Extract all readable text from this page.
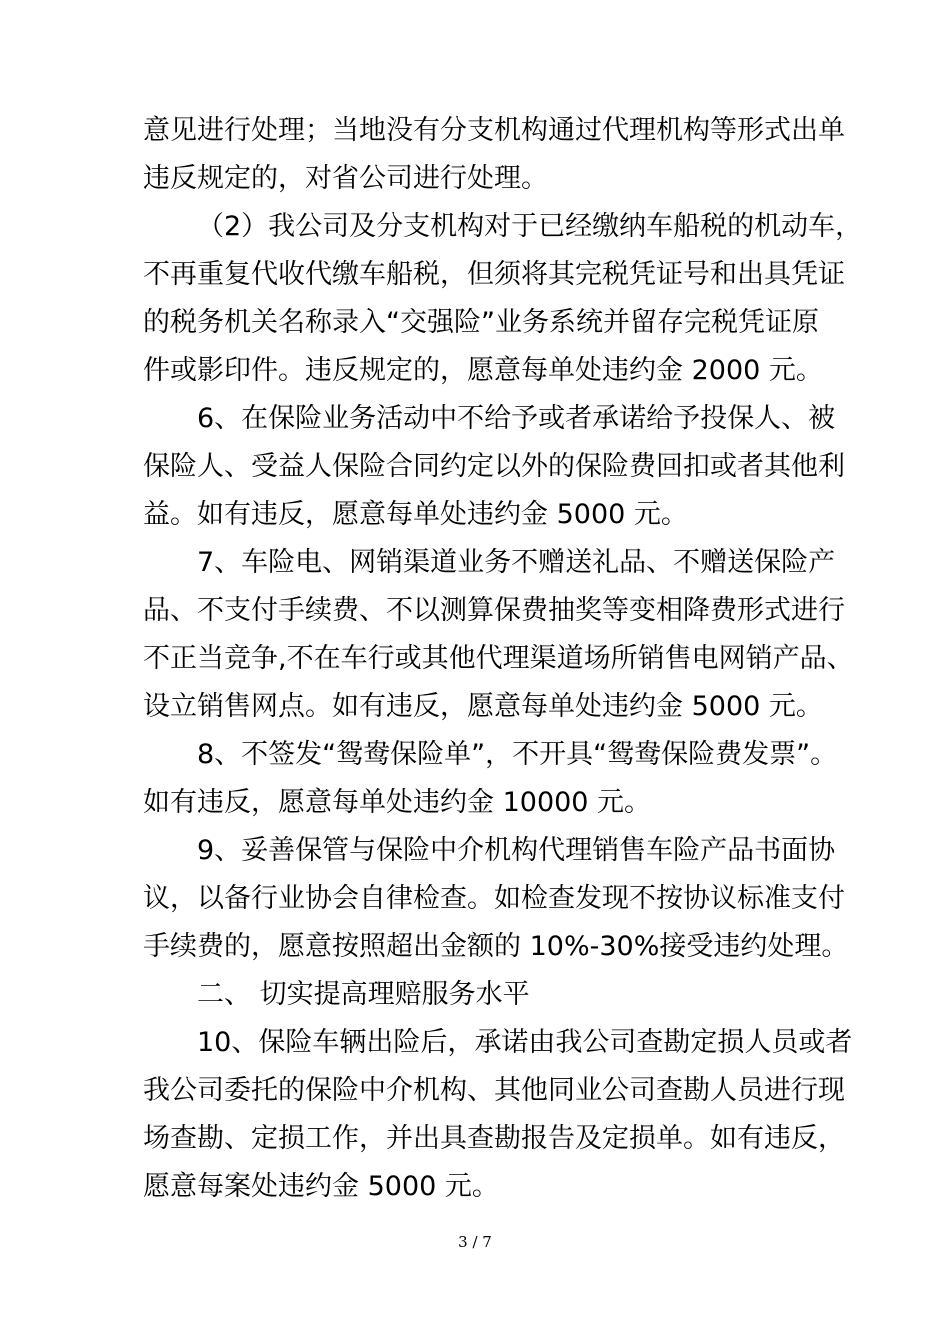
意见进行处理；当地没有分支机构通过代理机构等形式出单
违反规定的，对省公司进行处理。
（2）我公司及分支机构对于已经缴纳车船税的机动车，
不再重复代收代缴车船税，但须将其完税凭证号和出具凭证
的税务机关名称录入“交强险”业务系统并留存完税凭证原
件或影印件。违反规定的，愿意每单处违约金 2000 元。
6、在保险业务活动中不给予或者承诺给予投保人、被
保险人、受益人保险合同约定以外的保险费回扣或者其他利
益。如有违反，愿意每单处违约金 5000 元。
7、车险电、网销渠道业务不赠送礼品、不赠送保险产
品、不支付手续费、不以测算保费抽奖等变相降费形式进行
不正当竞争,不在车行或其他代理渠道场所销售电网销产品、
设立销售网点。如有违反，愿意每单处违约金 5000 元。
8、不签发“鸳鸯保险单”，不开具“鸳鸯保险费发票”。
如有违反，愿意每单处违约金 10000 元。
9、妥善保管与保险中介机构代理销售车险产品书面协
议，以备行业协会自律检查。如检查发现不按协议标准支付
手续费的，愿意按照超出金额的 10%-30%接受违约处理。
二、 切实提高理赔服务水平
10、保险车辆出险后，承诺由我公司查勘定损人员或者
我公司委托的保险中介机构、其他同业公司查勘人员进行现
场查勘、定损工作，并出具查勘报告及定损单。如有违反，
愿意每案处违约金 5000 元。
3 / 7
